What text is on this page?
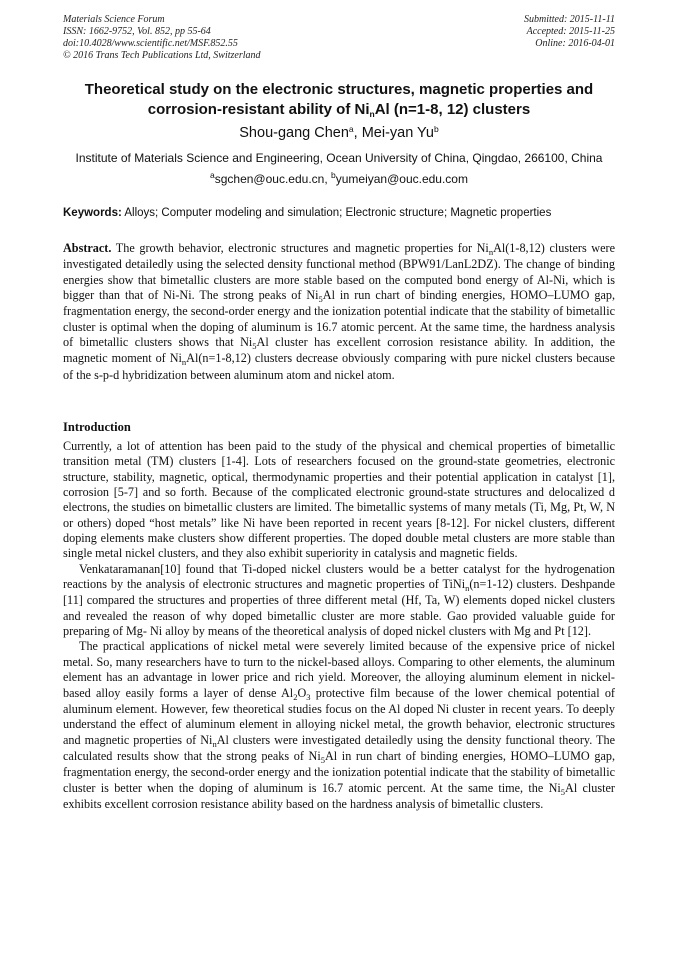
Materials Science Forum
ISSN: 1662-9752, Vol. 852, pp 55-64
doi:10.4028/www.scientific.net/MSF.852.55
© 2016 Trans Tech Publications Ltd, Switzerland
Submitted: 2015-11-11
Accepted: 2015-11-25
Online: 2016-04-01
Theoretical study on the electronic structures, magnetic properties and
corrosion-resistant ability of $Ni_nAl$ (n=1-8, 12) clusters
Shou-gang Chen$^a$, Mei-yan Yu$^b$
Institute of Materials Science and Engineering, Ocean University of China, Qingdao, 266100, China
$^a$sgchen@ouc.edu.cn, $^b$yumeiyan@ouc.edu.com
Keywords: Alloys; Computer modeling and simulation; Electronic structure; Magnetic properties

Abstract. The growth behavior, electronic structures and magnetic properties for $Ni_nAl(1-8,12)$ clusters were investigated detailedly using the selected density functional method (BPW91/LanL2DZ). The change of binding energies show that bimetallic clusters are more stable based on the computed bond energy of Al-Ni, which is bigger than that of Ni-Ni. The strong peaks of $Ni_5Al$ in run chart of binding energies, HOMO–LUMO gap, fragmentation energy, the second-order energy and the ionization potential indicate that the stability of bimetallic cluster is optimal when the doping of aluminum is 16.7 atomic percent. At the same time, the hardness analysis of bimetallic clusters shows that $Ni_5Al$ cluster has excellent corrosion resistance ability. In addition, the magnetic moment of $Ni_nAl(n=1-8,12)$ clusters decrease obviously comparing with pure nickel clusters because of the s-p-d hybridization between aluminum atom and nickel atom.

Introduction

Currently, a lot of attention has been paid to the study of the physical and chemical properties of bimetallic transition metal (TM) clusters [1-4]. Lots of researchers focused on the ground-state geometries, electronic structure, stability, magnetic, optical, thermodynamic properties and their potential application in catalyst [1], corrosion [5-7] and so forth. Because of the complicated electronic ground-state structures and delocalized d electrons, the studies on bimetallic clusters are limited. The bimetallic systems of many metals (Ti, Mg, Pt, W, N or others) doped “host metals” like Ni have been reported in recent years [8-12]. For nickel clusters, different doping elements make clusters show different properties. The doped double metal clusters are more stable than single metal nickel clusters, and they also exhibit superiority in catalysis and magnetic fields.

Venkataramanan[10] found that Ti-doped nickel clusters would be a better catalyst for the hydrogenation reactions by the analysis of electronic structures and magnetic properties of TiNi$_n$(n=1-12) clusters. Deshpande [11] compared the structures and properties of three different metal (Hf, Ta, W) elements doped nickel clusters and revealed the reason of why doped bimetallic cluster are more stable. Gao provided valuable guide for preparing of Mg- Ni alloy by means of the theoretical analysis of doped nickel clusters with Mg and Pt [12].

The practical applications of nickel metal were severely limited because of the expensive price of nickel metal. So, many researchers have to turn to the nickel-based alloys. Comparing to other elements, the aluminum element has an advantage in lower price and rich yield. Moreover, the alloying aluminum element in nickel-based alloy easily forms a layer of dense $Al_2O_3$ protective film because of the lower chemical potential of aluminum element. However, few theoretical studies focus on the Al doped Ni cluster in recent years. To deeply understand the effect of aluminum element in alloying nickel metal, the growth behavior, electronic structures and magnetic properties of $Ni_nAl$ clusters were investigated detailedly using the density functional theory. The calculated results show that the strong peaks of $Ni_5Al$ in run chart of binding energies, HOMO–LUMO gap, fragmentation energy, the second-order energy and the ionization potential indicate that the stability of bimetallic cluster is better when the doping of aluminum is 16.7 atomic percent. At the same time, the $Ni_5Al$ cluster exhibits excellent corrosion resistance ability based on the hardness analysis of bimetallic clusters.
